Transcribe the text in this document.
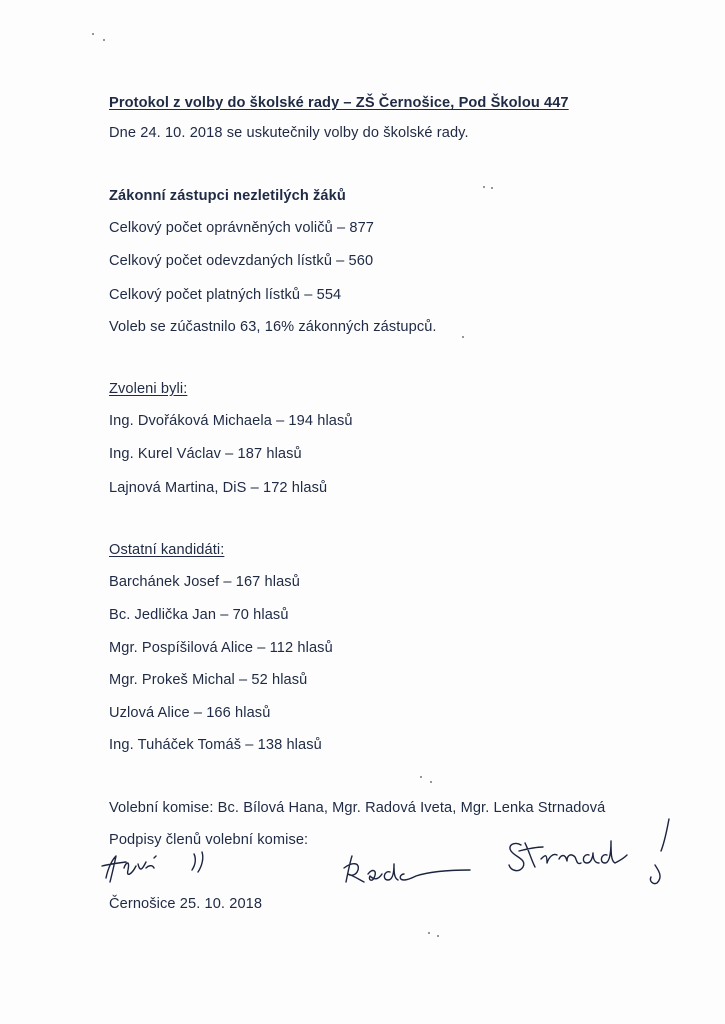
Protokol z volby do školské rady – ZŠ Černošice, Pod Školou 447
Dne 24. 10. 2018 se uskutečnily volby do školské rady.
Zákonní zástupci nezletilých žáků
Celkový počet oprávněných voličů – 877
Celkový počet odevzdaných lístků – 560
Celkový počet platných lístků – 554
Voleb se zúčastnilo 63, 16% zákonných zástupců.
Zvoleni byli:
Ing. Dvořáková Michaela – 194 hlasů
Ing. Kurel Václav – 187 hlasů
Lajnová Martina, DiS – 172 hlasů
Ostatní kandidáti:
Barchánek Josef – 167 hlasů
Bc. Jedlička Jan – 70 hlasů
Mgr. Pospíšilová Alice – 112 hlasů
Mgr. Prokeš Michal – 52 hlasů
Uzlová Alice – 166 hlasů
Ing. Tuháček Tomáš – 138 hlasů
Volební komise: Bc. Bílová Hana, Mgr. Radová Iveta, Mgr. Lenka Strnadová
Podpisy členů volební komise:
Černošice 25. 10. 2018
